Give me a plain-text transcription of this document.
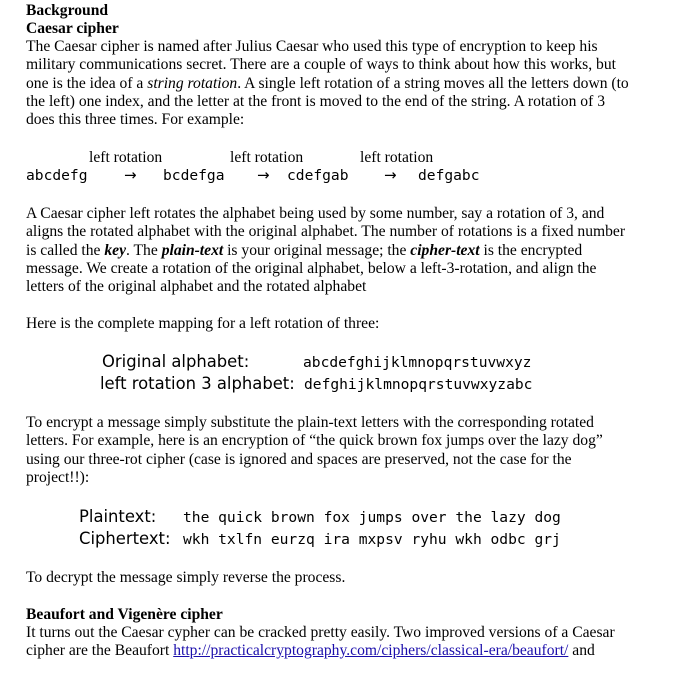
Background
Caesar cipher
The Caesar cipher is named after Julius Caesar who used this type of encryption to keep his
military communications secret. There are a couple of ways to think about how this works, but
one is the idea of a string rotation. A single left rotation of a string moves all the letters down (to
the left) one index, and the letter at the front is moved to the end of the string. A rotation of 3
does this three times. For example:
left rotation	left rotation	left rotation
abcdefg → bcdefga → cdefgab → defgabc
A Caesar cipher left rotates the alphabet being used by some number, say a rotation of 3, and
aligns the rotated alphabet with the original alphabet. The number of rotations is a fixed number
is called the key. The plain-text is your original message; the cipher-text is the encrypted
message. We create a rotation of the original alphabet, below a left-3-rotation, and align the
letters of the original alphabet and the rotated alphabet
Here is the complete mapping for a left rotation of three:
Original alphabet:	abcdefghijklmnopqrstuvwxyz
left rotation 3 alphabet: defghijklmnopqrstuvwxyzabc
To encrypt a message simply substitute the plain-text letters with the corresponding rotated
letters. For example, here is an encryption of “the quick brown fox jumps over the lazy dog”
using our three-rot cipher (case is ignored and spaces are preserved, not the case for the
project!!):
Plaintext: the quick brown fox jumps over the lazy dog
Ciphertext: wkh txlfn eurzq ira mxpsv ryhu wkh odbc grj
To decrypt the message simply reverse the process.
Beaufort and Vigenère cipher
It turns out the Caesar cypher can be cracked pretty easily. Two improved versions of a Caesar
cipher are the Beaufort http://practicalcryptography.com/ciphers/classical-era/beaufort/ and
